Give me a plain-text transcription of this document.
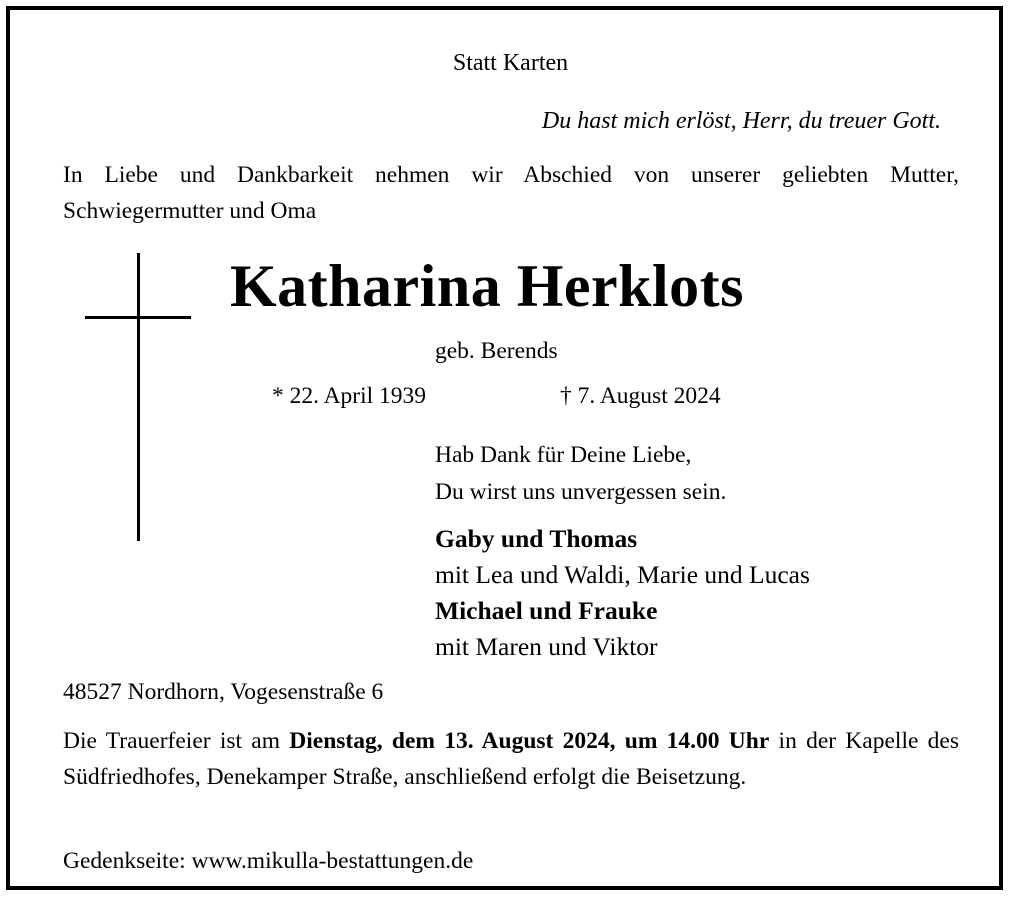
Statt Karten
Du hast mich erlöst, Herr, du treuer Gott.
In Liebe und Dankbarkeit nehmen wir Abschied von unserer geliebten Mutter, Schwiegermutter und Oma
Katharina Herklots
geb. Berends
* 22. April 1939	† 7. August 2024
Hab Dank für Deine Liebe,
Du wirst uns unvergessen sein.
Gaby und Thomas
mit Lea und Waldi, Marie und Lucas
Michael und Frauke
mit Maren und Viktor
48527 Nordhorn, Vogesenstraße 6
Die Trauerfeier ist am Dienstag, dem 13. August 2024, um 14.00 Uhr in der Kapelle des Südfriedhofes, Denekamper Straße, anschließend erfolgt die Beisetzung.
Gedenkseite: www.mikulla-bestattungen.de
